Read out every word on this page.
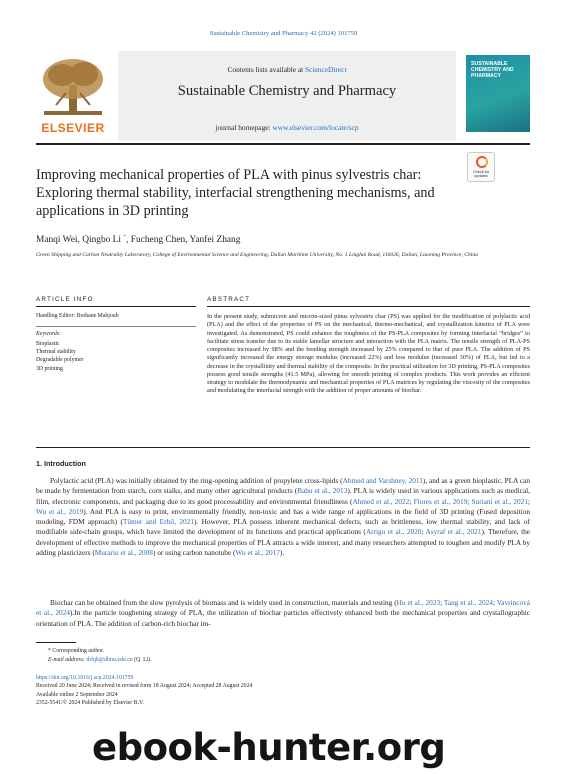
Sustainable Chemistry and Pharmacy 42 (2024) 101759
ELSEVIER
Contents lists available at ScienceDirect
Sustainable Chemistry and Pharmacy
journal homepage: www.elsevier.com/locate/scp
SUSTAINABLE CHEMISTRY AND PHARMACY
Improving mechanical properties of PLA with pinus sylvestris char: Exploring thermal stability, interfacial strengthening mechanisms, and applications in 3D printing
Check for updates
Manqi Wei, Qingbo Li *, Fucheng Chen, Yanfei Zhang
Green Shipping and Carbon Neutrality Laboratory, College of Environmental Science and Engineering, Dalian Maritime University, No. 1 Linghai Road, 116026, Dalian, Liaoning Province, China
ARTICLE INFO	ABSTRACT
Handling Editor: Borhane Mahjoub
Keywords:
Bioplastic
Thermal stability
Degradable polymer
3D printing
In the present study, submicron and micron-sized pinus sylvestris char (PS) was applied for the modification of polylactic acid (PLA) and the effect of the properties of PS on the mechanical, thermo-mechanical, and crystallization kinetics of PLA were investigated. As demonstrated, PS could enhance the toughness of the PS-PLA composites by forming interfacial “bridges” to facilitate stress transfer due to its stable lamellar structure and interaction with the PLA matrix. The tensile strength of PLA-PS composites increased by 98% and the bending strength increased by 25% compared to that of pure PLA. The addition of PS significantly increased the energy storage modulus (increased 22%) and loss modulus (increased 30%) of PLA, but led to a decrease in the crystallinity and thermal stability of the composite. In the practical utilization for 3D printing, PS-PLA composites possess good tensile strengths (41.5 MPa), allowing for smooth printing of complex products. This work provides an efficient strategy to modulate the thermodynamic and mechanical properties of PLA matrices by regulating the viscosity of the composites and modulating the interfacial strength with the addition of proper amounts of biochar.
1. Introduction
Polylactic acid (PLA) was initially obtained by the ring-opening addition of propylene cross-lipids (Ahmed and Varshney, 2011), and as a green bioplastic, PLA can be made by fermentation from starch, corn stalks, and many other agricultural products (Babu et al., 2013). PLA is widely used in various applications such as medical, film, electronic components, and packaging due to its good processability and environmental friendliness (Ahmed et al., 2022; Flores et al., 2019; Suriani et al., 2021; Wu et al., 2019). And PLA is easy to print, environmentally friendly, non-toxic and has a wide range of applications in the field of 3D printing (Fused deposition modeling, FDM approach) (Tümer and Erbil, 2021). However, PLA possess inherent mechanical defects, such as brittleness, low thermal stability, and lack of modifiable side-chain groups, which have limited the development of its functions and practical applications (Arrigo et al., 2020; Asyraf et al., 2021). Therefore, the development of effective methods to improve the mechanical properties of PLA attracts a wide interest, and many researchers attempted to toughen and modify PLA by adding plasticizers (Murariu et al., 2008) or using carbon nanotube (Wu et al., 2017).
Biochar can be obtained from the slow pyrolysis of biomass and is widely used in construction, materials and testing (Hu et al., 2023; Tang et al., 2024; Vavrincová et al., 2024).In the particle toughening strategy of PLA, the utilization of biochar particles effectively enhanced both the mechanical properties and crystallographic orientation of PLA. The addition of carbon-rich biochar im-
* Corresponding author.
E-mail address: drlqb@dlmu.edu.cn (Q. Li).
https://doi.org/10.1016/j.scp.2024.101759
Received 20 June 2024; Received in revised form 18 August 2024; Accepted 28 August 2024
Available online 2 September 2024
2352-5541/© 2024 Published by Elsevier B.V.
ebook-hunter.org
